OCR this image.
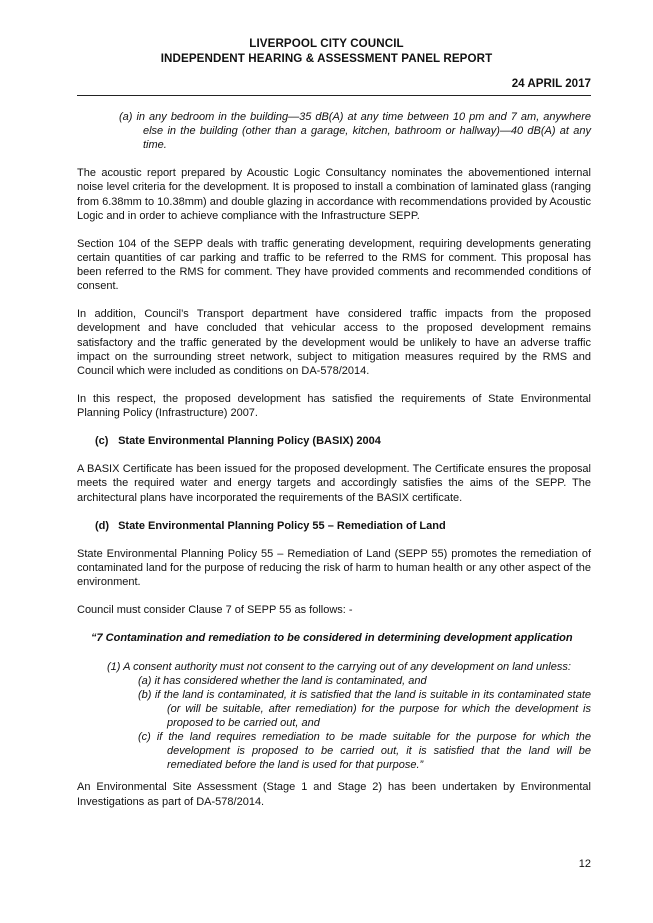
LIVERPOOL CITY COUNCIL
INDEPENDENT HEARING & ASSESSMENT PANEL REPORT
24 APRIL 2017

(a) in any bedroom in the building—35 dB(A) at any time between 10 pm and 7 am, anywhere else in the building (other than a garage, kitchen, bathroom or hallway)—40 dB(A) at any time.

The acoustic report prepared by Acoustic Logic Consultancy nominates the abovementioned internal noise level criteria for the development. It is proposed to install a combination of laminated glass (ranging from 6.38mm to 10.38mm) and double glazing in accordance with recommendations provided by Acoustic Logic and in order to achieve compliance with the Infrastructure SEPP.

Section 104 of the SEPP deals with traffic generating development, requiring developments generating certain quantities of car parking and traffic to be referred to the RMS for comment. This proposal has been referred to the RMS for comment. They have provided comments and recommended conditions of consent.

In addition, Council’s Transport department have considered traffic impacts from the proposed development and have concluded that vehicular access to the proposed development remains satisfactory and the traffic generated by the development would be unlikely to have an adverse traffic impact on the surrounding street network, subject to mitigation measures required by the RMS and Council which were included as conditions on DA-578/2014.

In this respect, the proposed development has satisfied the requirements of State Environmental Planning Policy (Infrastructure) 2007.

(c) State Environmental Planning Policy (BASIX) 2004

A BASIX Certificate has been issued for the proposed development. The Certificate ensures the proposal meets the required water and energy targets and accordingly satisfies the aims of the SEPP. The architectural plans have incorporated the requirements of the BASIX certificate.

(d) State Environmental Planning Policy 55 – Remediation of Land

State Environmental Planning Policy 55 – Remediation of Land (SEPP 55) promotes the remediation of contaminated land for the purpose of reducing the risk of harm to human health or any other aspect of the environment.

Council must consider Clause 7 of SEPP 55 as follows: -

“7 Contamination and remediation to be considered in determining development application

(1) A consent authority must not consent to the carrying out of any development on land unless:

(a) it has considered whether the land is contaminated, and

(b) if the land is contaminated, it is satisfied that the land is suitable in its contaminated state (or will be suitable, after remediation) for the purpose for which the development is proposed to be carried out, and

(c) if the land requires remediation to be made suitable for the purpose for which the development is proposed to be carried out, it is satisfied that the land will be remediated before the land is used for that purpose.”

An Environmental Site Assessment (Stage 1 and Stage 2) has been undertaken by Environmental Investigations as part of DA-578/2014.

12
